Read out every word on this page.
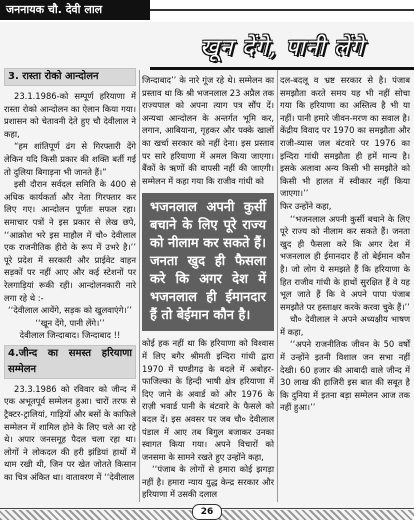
जननायक चौ. देवी लाल
खून देंगे, पानी लेंगे
3. रास्ता रोको आन्दोलन

23.1.1986-को सम्पूर्ण हरियाणा में रास्ता रोको आन्दोलन का ऐलान किया गया। प्रशासन को चेतावनी देते हुए चौ देवीलाल ने कहा,

“हम शांतिपूर्ण ढंग से गिरफ्तारी देंगे लेकिन यदि किसी प्रकार की शक्ति बर्ती गई तो दुलिया बिगाड़ना भी जानते हैं।”

इसी दौरान सर्वदल समिति के 400 से अधिक कार्यकर्ता और नेता गिरफ्तार कर लिए गए। आन्दोलन पूर्णतः सफल रहा। समाचार पत्रों ने इस प्रकार से लेख छपे, ‘‘आक्रोश भरे इस माहौल में चौ० देवीलाल एक राजनीतिक हीरो के रूप में उभरे है।’’ पूरे प्रदेश में सरकारी और प्राईवेट वाहन सड़कों पर नहीं आए और कई स्टेशनों पर रेलगाड़ियां रूकी रही। आन्दोलनकारी नारे लगा रहे थे :-

‘‘देवीलाल आयेंगे, सड़क को खुलवाएंगे।’’

‘‘खून देंगे, पानी लेंगे।’’

देवीलाल जिन्दाबाद। जिन्दाबाद !!

4.जीन्द का समस्त हरियाणा सम्मेलन

23.3.1986 को रविवार को जीन्द में एक अभूतपूर्व सम्मेलन हुआ। चारों तरफ से ट्रैक्टर-ट्रालियां, गाड़ियों और बसों के काफिले सम्मेलन में शामिल होने के लिए चले आ रहे थे। अपार जनसमूह पैदल चला रहा था। लोगों ने लोकदल की हरी झंडियां हाथों में थाम रखी थी, जिन पर खेत जोतते किसान का चित्र अंकित था। वातावरण में ‘‘देवीलाल

जिन्दाबाद’’ के नारे गूंज रहे थे। सम्मेलन का प्रस्ताव था कि श्री भजनलाल 23 अप्रैल तक राज्यपाल को अपना त्याग पत्र सौंप दें। अन्यथा आन्दोलन के अन्तर्गत भूमि कर, लगान, आबियाना, गृहकर और पक्के खालों का खर्चा सरकार को नहीं देना। इस प्रस्ताव पर सारे हरियाणा में अमल किया जाएगा। बैंकों के ऋणों की वापसी नहीं की जाएगी। सम्मेलन में कहा गया कि राजीव गांधी को

भजनलाल अपनी कुर्सी बचाने के लिए पूरे राज्य को नीलाम कर सकते हैं। जनता खुद ही फैसला करे कि अगर देश में भजनलाल ही ईमानदार हैं तो बेईमान कौन है।

कोई हक नहीं था कि हरियाणा को विश्वास में लिए बगैर श्रीमती इन्दिरा गांधी द्वारा 1970 में घण्डीगढ़ के बदले में अबोहर-फाजिल्का के हिन्दी भाषी क्षेत्र हरियाणा में दिए जाने के अवार्ड को और 1976 के राज़ी भवार्ड पानी के बंटवारे के फैसले को बदल दें। इस अवसर पर जब चौ० देवीलाल पंडाल में आए तब बिगुल बजाकर उनका स्वागत किया गया। अपने विचारों को जनसमा के सामने रखते हुए उन्होंने कहा,

‘‘पंजाब के लोगों से हमारा कोई झगड़ा नहीं है। हमारा न्याय युद्ध केन्द्र सरकार और हरियाणा में उसकी दलाल

दल-बदलू व भ्रष्ट सरकार से है। पंजाब समझौता करते समय यह भी नहीं सोचा गया कि हरियाणा का अस्तित्व है भी या नहीं। पानी हमारे जीवन-मरण का सवाल है। केंद्रीय विवाद पर 1970 का समझौता और राजी-व्यास जल बंटवारे पर 1976 का इन्दिरा गांधी समझौता ही हमें मान्य है। इसके अलावा अन्य किसी भी समझौते को किसी भी हालत में स्वीकार नहीं किया जाएगा।’’

फिर उन्होंने कहा,

‘‘भजनलाल अपनी कुर्सी बचाने के लिए पूरे राज्य को नीलाम कर सकते हैं। जनता खुद ही फैसला करे कि अगर देश में भजनलाल ही ईमानदार हैं तो बेईमान कौन है। जो लोग ये समझते हैं कि हरियाणा के हित राजीव गांधी के हाथों सुरक्षित हैं वे यह भूल जाते हैं कि वे अपने पापा पंजाब समझौते पर हस्ताक्षर करके करवा चुके हैं।’’

चौ० देवीलाल ने अपने अध्यक्षीय भाषण में कहा,

‘‘अपने राजनीतिक जीवन के 50 वर्षों में उन्होंने इतनी विशाल जन सभा नहीं देखी। 60 हजार की आबादी वाले जीन्द में 30 लाख की हाजिरी इस बात की सबूत है कि दुनिया में इतना बड़ा सम्मेलन आज तक नहीं हुआ।’’

26
